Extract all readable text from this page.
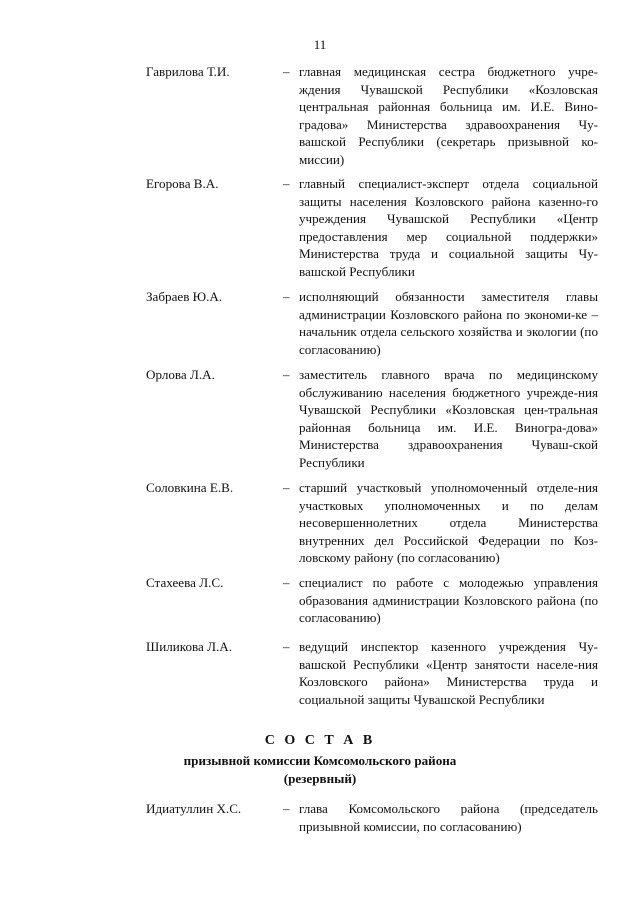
11
Гаврилова Т.И.	– главная медицинская сестра бюджетного учре-ждения Чувашской Республики «Козловская центральная районная больница им. И.Е. Вино-градова» Министерства здравоохранения Чу-вашской Республики (секретарь призывной ко-миссии)
Егорова В.А.	– главный специалист-эксперт отдела социальной защиты населения Козловского района казенно-го учреждения Чувашской Республики «Центр предоставления мер социальной поддержки» Министерства труда и социальной защиты Чу-вашской Республики
Забраев Ю.А.	– исполняющий обязанности заместителя главы администрации Козловского района по экономи-ке – начальник отдела сельского хозяйства и экологии (по согласованию)
Орлова Л.А.	– заместитель главного врача по медицинскому обслуживанию населения бюджетного учрежде-ния Чувашской Республики «Козловская цен-тральная районная больница им. И.Е. Виногра-дова» Министерства здравоохранения Чуваш-ской Республики
Соловкина Е.В.	– старший участковый уполномоченный отделе-ния участковых уполномоченных и по делам несовершеннолетних отдела Министерства внутренних дел Российской Федерации по Коз-ловскому району (по согласованию)
Стахеева Л.С.	– специалист по работе с молодежью управления образования администрации Козловского района (по согласованию)
Шиликова Л.А.	– ведущий инспектор казенного учреждения Чу-вашской Республики «Центр занятости населе-ния Козловского района» Министерства труда и социальной защиты Чувашской Республики
С О С Т А В
призывной комиссии Комсомольского района
(резервный)
Идиатуллин Х.С.	– глава Комсомольского района (председатель призывной комиссии, по согласованию)
